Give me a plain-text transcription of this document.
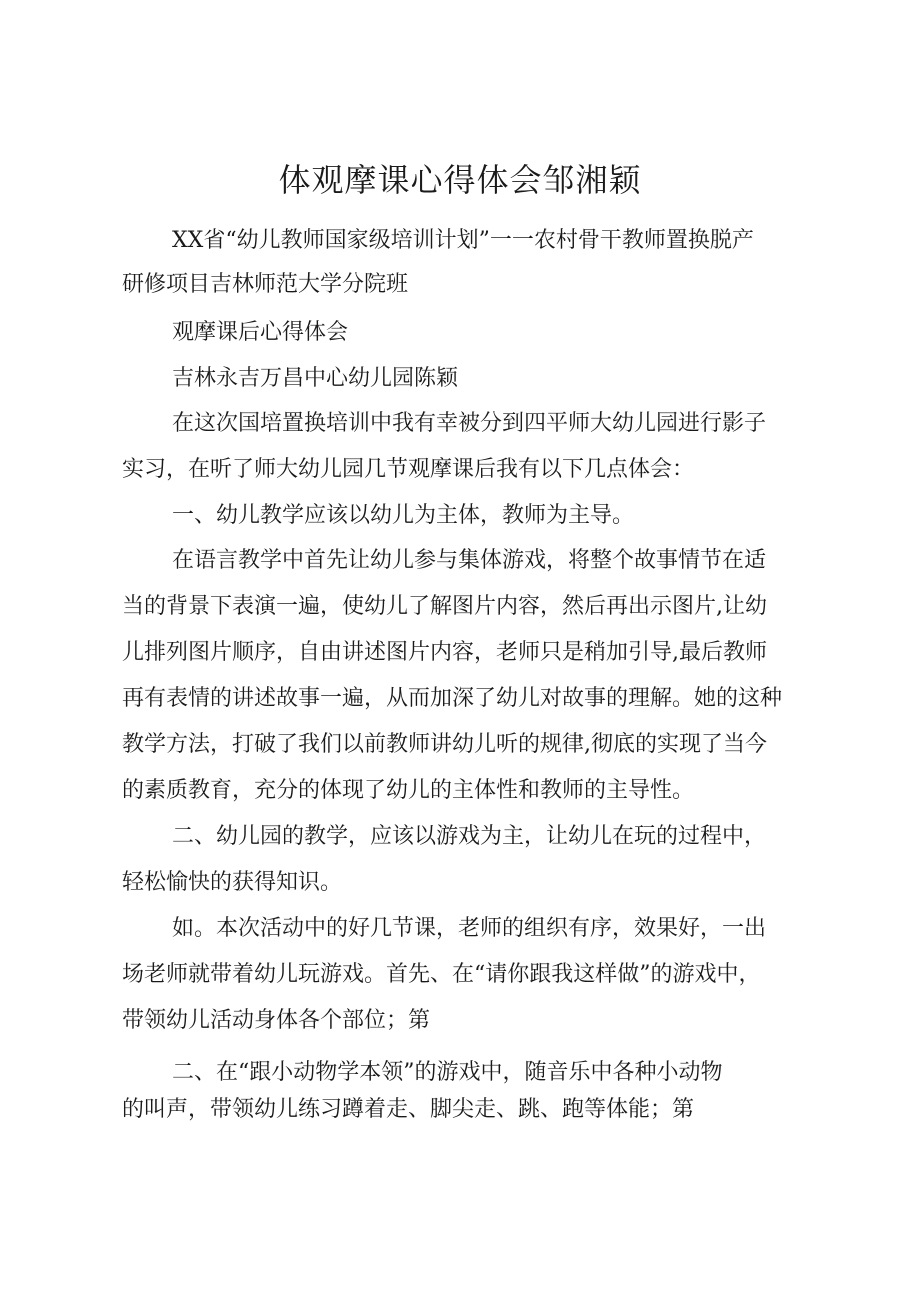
体观摩课心得体会邹湘颖

XX省“幼儿教师国家级培训计划”一一农村骨干教师置换脱产

研修项目吉林师范大学分院班

观摩课后心得体会

吉林永吉万昌中心幼儿园陈颖

在这次国培置换培训中我有幸被分到四平师大幼儿园进行影子

实习，在听了师大幼儿园几节观摩课后我有以下几点体会：

一、幼儿教学应该以幼儿为主体，教师为主导。

在语言教学中首先让幼儿参与集体游戏，将整个故事情节在适

当的背景下表演一遍，使幼儿了解图片内容，然后再出示图片,让幼

儿排列图片顺序，自由讲述图片内容，老师只是稍加引导,最后教师

再有表情的讲述故事一遍，从而加深了幼儿对故事的理解。她的这种

教学方法，打破了我们以前教师讲幼儿听的规律,彻底的实现了当今

的素质教育，充分的体现了幼儿的主体性和教师的主导性。

二、幼儿园的教学，应该以游戏为主，让幼儿在玩的过程中，

轻松愉快的获得知识。

如。本次活动中的好几节课，老师的组织有序，效果好，一出

场老师就带着幼儿玩游戏。首先、在“请你跟我这样做”的游戏中，

带领幼儿活动身体各个部位；第

二、在“跟小动物学本领”的游戏中，随音乐中各种小动物

的叫声，带领幼儿练习蹲着走、脚尖走、跳、跑等体能；第
